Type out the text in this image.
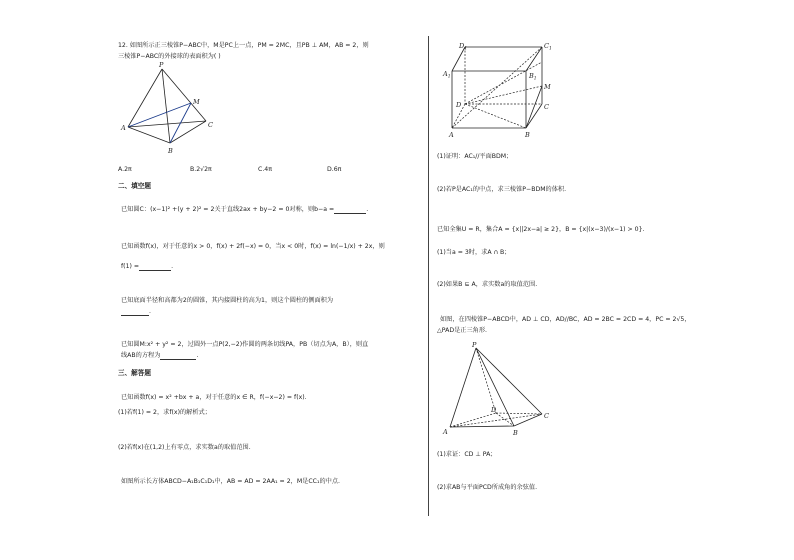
12. 如图所示正三棱锥P−ABC中，M是PC上一点，PM = 2MC，且PB ⊥ AM，AB = 2，则
三棱锥P−ABC的外接球的表面积为( )
P
A
B
C
M
A.2π	B.2√2π	C.4π	D.6π
二、填空题
已知圆C：(x−1)² +(y + 2)² = 2关于直线2ax + by−2 = 0对称，则b−a =	.
已知函数f(x)，对于任意的x > 0，f(x) + 2f(−x) = 0，当x < 0时，f(x) = ln(−1/x) + 2x，则
f(1) =	.
已知底面半径和高都为2的圆锥，其内接圆柱的高为1，则这个圆柱的侧面积为
.
已知圆M:x² + y² = 2，过圆外一点P(2,−2)作圆的两条切线PA，PB（切点为A，B），则直
线AB的方程为	.
三、解答题
已知函数f(x) = x² +bx + a，对于任意的x ∈ R，f(−x−2) = f(x).
(1)若f(1) = 2，求f(x)的解析式；
(2)若f(x)在(1,2)上有零点，求实数a的取值范围.
如图所示长方体ABCD−A₁B₁C₁D₁中，AB = AD = 2AA₁ = 2，M是CC₁的中点.
$D_1$	$C_1$
$A_1$	$B_1$
M
D	C
A	B
(1)证明：AC₁//平面BDM；
(2)若P是AC₁的中点，求三棱锥P−BDM的体积.
已知全集U = R，集合A = {x||2x−a| ≥ 2}，B = {x|(x−3)/(x−1) > 0}.
(1)当a = 3时，求A ∩ B；
(2)如果B ⊆ A，求实数a的取值范围.
如图，在四棱锥P−ABCD中，AD ⊥ CD，AD//BC，AD = 2BC = 2CD = 4，PC = 2√5，
△PAD是正三角形.
P
A	B
C
D
(1)求证：CD ⊥ PA；
(2)求AB与平面PCD所成角的余弦值.
